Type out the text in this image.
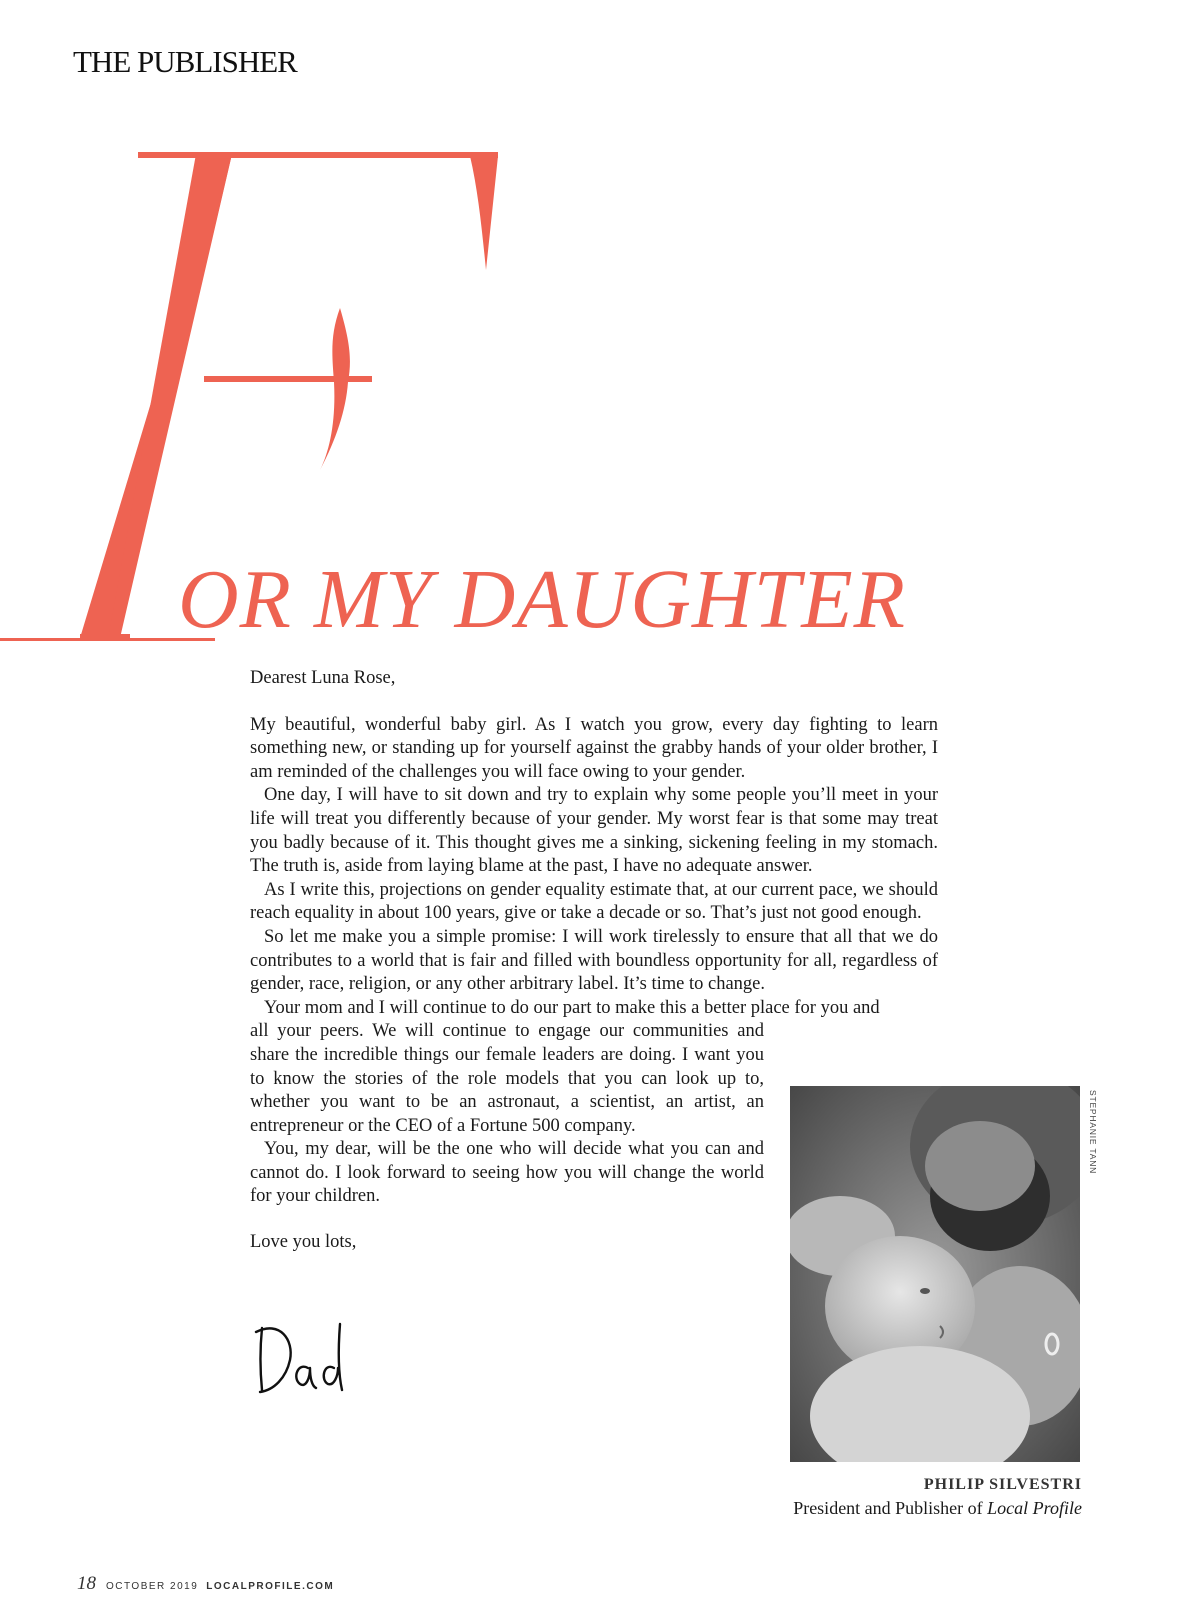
THE PUBLISHER
OR MY DAUGHTER

Dearest Luna Rose,

My beautiful, wonderful baby girl. As I watch you grow, every day fighting to learn something new, or standing up for yourself against the grabby hands of your older brother, I am reminded of the challenges you will face owing to your gender.

One day, I will have to sit down and try to explain why some people you’ll meet in your life will treat you differently because of your gender. My worst fear is that some may treat you badly because of it. This thought gives me a sinking, sickening feeling in my stomach. The truth is, aside from laying blame at the past, I have no adequate answer.

As I write this, projections on gender equality estimate that, at our current pace, we should reach equality in about 100 years, give or take a decade or so. That’s just not good enough.

So let me make you a simple promise: I will work tirelessly to ensure that all that we do contributes to a world that is fair and filled with boundless opportunity for all, regardless of gender, race, religion, or any other arbitrary label. It’s time to change.

Your mom and I will continue to do our part to make this a better place for you and

all your peers. We will continue to engage our communities and share the incredible things our female leaders are doing. I want you to know the stories of the role models that you can look up to, whether you want to be an astronaut, a scientist, an artist, an entrepreneur or the CEO of a Fortune 500 company.

You, my dear, will be the one who will decide what you can and cannot do. I look forward to seeing how you will change the world for your children.

Love you lots,

STEPHANIE TANN
PHILIP SILVESTRI
President and Publisher of Local Profile
18 OCTOBER 2019 LOCALPROFILE.COM
